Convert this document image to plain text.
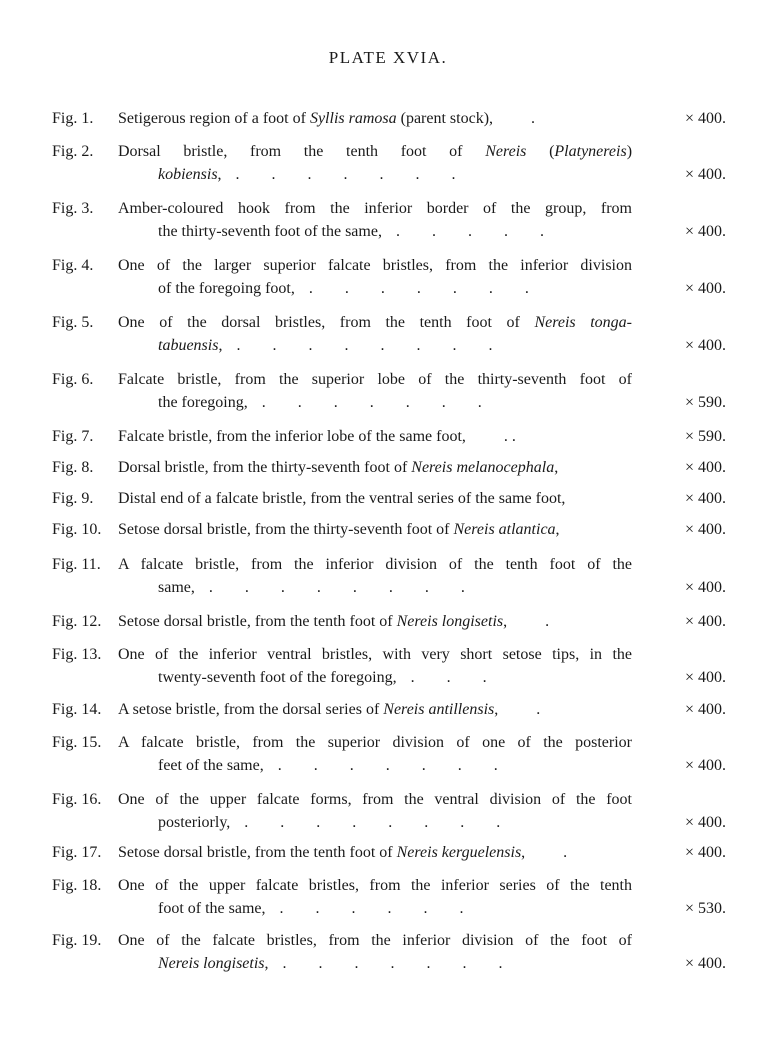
PLATE XVIA.
Fig. 1.	Setigerous region of a foot of Syllis ramosa (parent stock), .	× 400.
Fig. 2.	Dorsal bristle, from the tenth foot of Nereis (Platynereis)
kobiensis, .        .        .        .        .        .        .	× 400.
Fig. 3.	Amber-coloured hook from the inferior border of the group, from
the thirty-seventh foot of the same, .        .        .        .        .	× 400.
Fig. 4.	One of the larger superior falcate bristles, from the inferior division
of the foregoing foot, .        .        .        .        .        .        .	× 400.
Fig. 5.	One of the dorsal bristles, from the tenth foot of Nereis tonga-
tabuensis, .        .        .        .        .        .        .        .	× 400.
Fig. 6.	Falcate bristle, from the superior lobe of the thirty-seventh foot of
the foregoing, .        .        .        .        .        .        .	× 590.
Fig. 7.	Falcate bristle, from the inferior lobe of the same foot, . .	× 590.
Fig. 8.	Dorsal bristle, from the thirty-seventh foot of Nereis melanocephala,	× 400.
Fig. 9.	Distal end of a falcate bristle, from the ventral series of the same foot,	× 400.
Fig. 10.	Setose dorsal bristle, from the thirty-seventh foot of Nereis atlantica,	× 400.
Fig. 11.	A falcate bristle, from the inferior division of the tenth foot of the
same, .        .        .        .        .        .        .        .	× 400.
Fig. 12.	Setose dorsal bristle, from the tenth foot of Nereis longisetis, .	× 400.
Fig. 13.	One of the inferior ventral bristles, with very short setose tips, in the
twenty-seventh foot of the foregoing, .        .        .	× 400.
Fig. 14.	A setose bristle, from the dorsal series of Nereis antillensis, .	× 400.
Fig. 15.	A falcate bristle, from the superior division of one of the posterior
feet of the same, .        .        .        .        .        .        .	× 400.
Fig. 16.	One of the upper falcate forms, from the ventral division of the foot
posteriorly, .        .        .        .        .        .        .        .	× 400.
Fig. 17.	Setose dorsal bristle, from the tenth foot of Nereis kerguelensis, .	× 400.
Fig. 18.	One of the upper falcate bristles, from the inferior series of the tenth
foot of the same, .        .        .        .        .        .	× 530.
Fig. 19.	One of the falcate bristles, from the inferior division of the foot of
Nereis longisetis, .        .        .        .        .        .        .	× 400.
